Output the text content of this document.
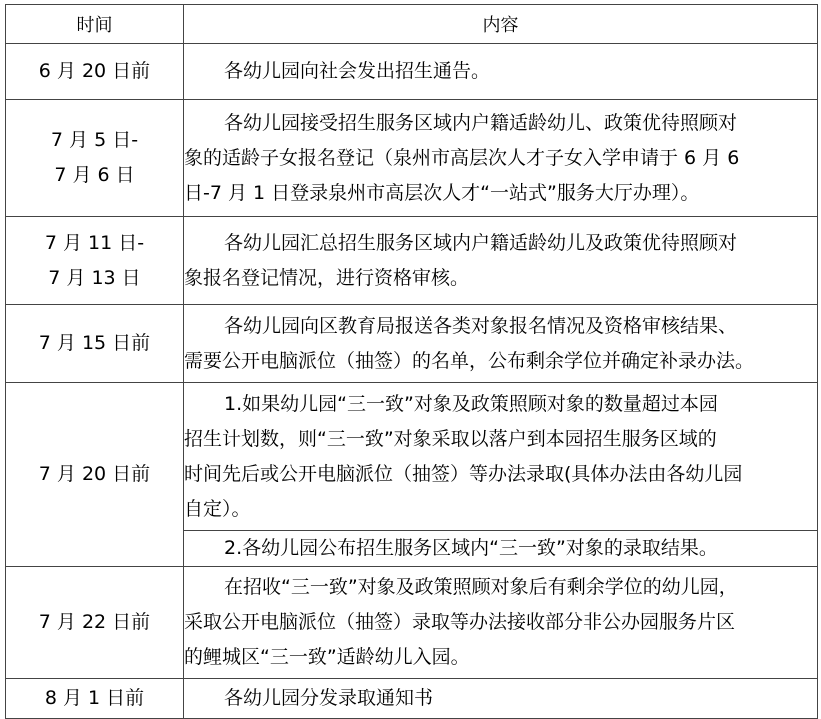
时间	内容
6 月 20 日前	各幼儿园向社会发出招生通告。

7 月 5 日-
7 月 6 日	各幼儿园接受招生服务区域内户籍适龄幼儿、政策优待照顾对
象的适龄子女报名登记（泉州市高层次人才子女入学申请于 6 月 6
日-7 月 1 日登录泉州市高层次人才“一站式”服务大厅办理）。

7 月 11 日-
7 月 13 日	各幼儿园汇总招生服务区域内户籍适龄幼儿及政策优待照顾对
象报名登记情况，进行资格审核。

7 月 15 日前	各幼儿园向区教育局报送各类对象报名情况及资格审核结果、
需要公开电脑派位（抽签）的名单，公布剩余学位并确定补录办法。

7 月 20 日前	1.如果幼儿园“三一致”对象及政策照顾对象的数量超过本园
招生计划数，则“三一致”对象采取以落户到本园招生服务区域的
时间先后或公开电脑派位（抽签）等办法录取(具体办法由各幼儿园
自定）。

	2.各幼儿园公布招生服务区域内“三一致”对象的录取结果。

7 月 22 日前	在招收“三一致”对象及政策照顾对象后有剩余学位的幼儿园，
采取公开电脑派位（抽签）录取等办法接收部分非公办园服务片区
的鲤城区“三一致”适龄幼儿入园。

8 月 1 日前	各幼儿园分发录取通知书
